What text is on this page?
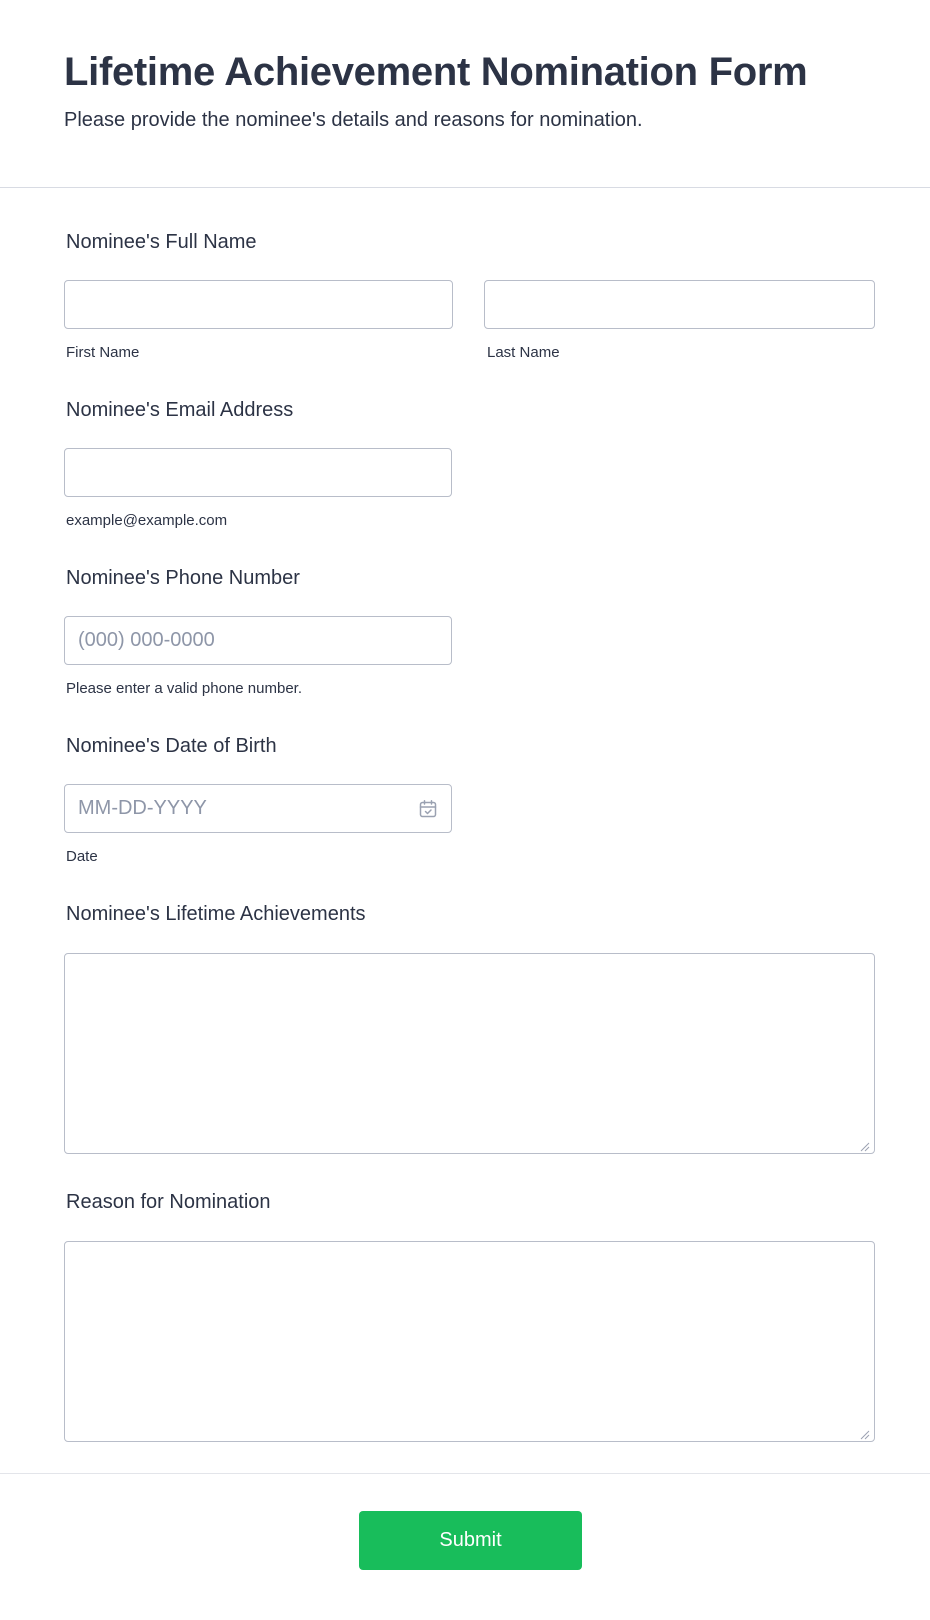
Lifetime Achievement Nomination Form

Please provide the nominee's details and reasons for nomination.

Nominee's Full Name
First Name	Last Name
Nominee's Email Address
example@example.com
Nominee's Phone Number
(000) 000-0000
Please enter a valid phone number.
Nominee's Date of Birth
MM-DD-YYYY
Date
Nominee's Lifetime Achievements
Reason for Nomination
Submit
